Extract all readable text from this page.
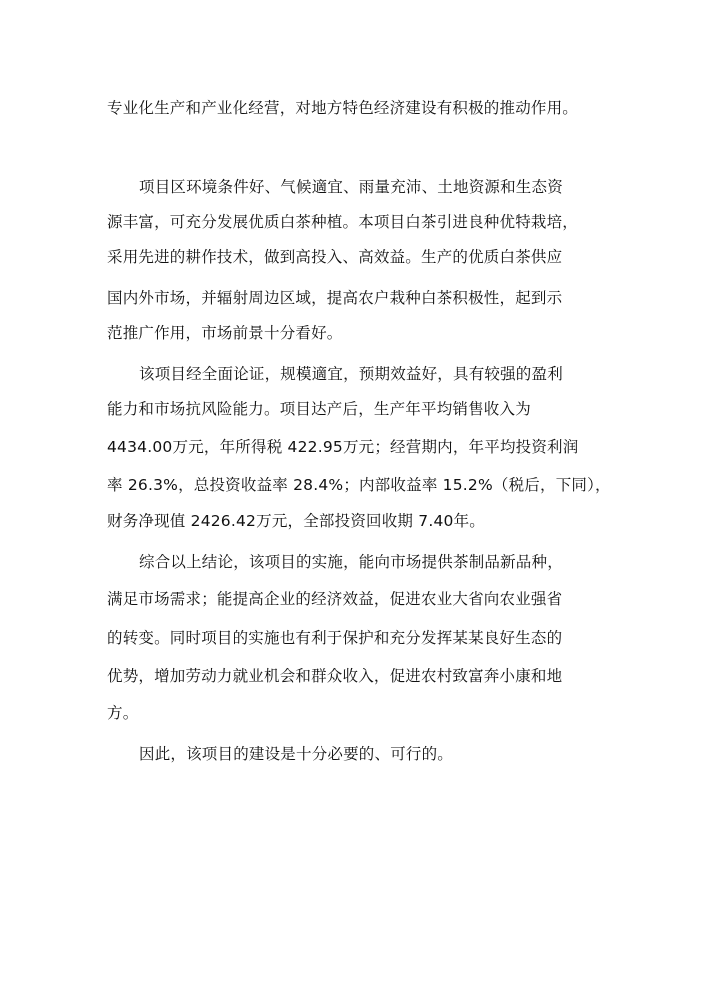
专业化生产和产业化经营，对地方特色经济建设有积极的推动作用。
项目区环境条件好、气候適宜、雨量充沛、土地资源和生态资
源丰富，可充分发展优质白茶种植。本项目白茶引进良种优特栽培，
采用先进的耕作技术，做到高投入、高效益。生产的优质白茶供应
国内外市场，并辐射周边区域，提高农户栽种白茶积极性，起到示
范推广作用，市场前景十分看好。
该项目经全面论证，规模適宜，预期效益好，具有较强的盈利
能力和市场抗风险能力。项目达产后，生产年平均销售收入为
4434.00万元，年所得税 422.95万元；经营期内，年平均投资利润
率 26.3%，总投资收益率 28.4%；内部收益率 15.2%（税后，下同），
财务净现值 2426.42万元，全部投资回收期 7.40年。
综合以上结论，该项目的实施，能向市场提供茶制品新品种，
满足市场需求；能提高企业的经济效益，促进农业大省向农业强省
的转变。同时项目的实施也有利于保护和充分发挥某某良好生态的
优势，增加劳动力就业机会和群众收入，促进农村致富奔小康和地
方。
因此，该项目的建设是十分必要的、可行的。
